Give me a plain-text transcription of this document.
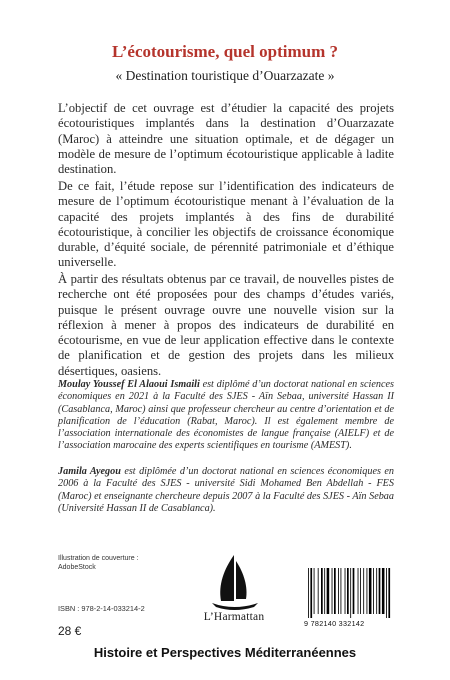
L’écotourisme, quel optimum ?
« Destination touristique d’Ouarzazate »

L’objectif de cet ouvrage est d’étudier la capacité des projets écotouristiques implantés dans la destination d’Ouarzazate (Maroc) à atteindre une situation optimale, et de dégager un modèle de mesure de l’optimum écotouristique applicable à ladite destination.

De ce fait, l’étude repose sur l’identification des indicateurs de mesure de l’optimum écotouristique menant à l’évaluation de la capacité des projets implantés à des fins de durabilité écotouristique, à concilier les objectifs de croissance économique durable, d’équité sociale, de pérennité patrimoniale et d’éthique universelle.

À partir des résultats obtenus par ce travail, de nouvelles pistes de recherche ont été proposées pour des champs d’études variés, puisque le présent ouvrage ouvre une nouvelle vision sur la réflexion à mener à propos des indicateurs de durabilité en écotourisme, en vue de leur application effective dans le contexte de planification et de gestion des projets dans les milieux désertiques, oasiens.

Moulay Youssef El Alaoui Ismaili est diplômé d’un doctorat national en sciences économiques en 2021 à la Faculté des SJES - Aïn Sebaa, université Hassan II (Casablanca, Maroc) ainsi que professeur chercheur au centre d’orientation et de planification de l’éducation (Rabat, Maroc). Il est également membre de l’association internationale des économistes de langue française (AIELF) et de l’association marocaine des experts scientifiques en tourisme (AMEST).

Jamila Ayegou est diplômée d’un doctorat national en sciences économiques en 2006 à la Faculté des SJES - université Sidi Mohamed Ben Abdellah - FES (Maroc) et enseignante chercheure depuis 2007 à la Faculté des SJES - Aïn Sebaa (Université Hassan II de Casablanca).

Illustration de couverture :
AdobeStock
ISBN : 978-2-14-033214-2
28 €
L’Harmattan
9 782140 332142
Histoire et Perspectives Méditerranéennes
